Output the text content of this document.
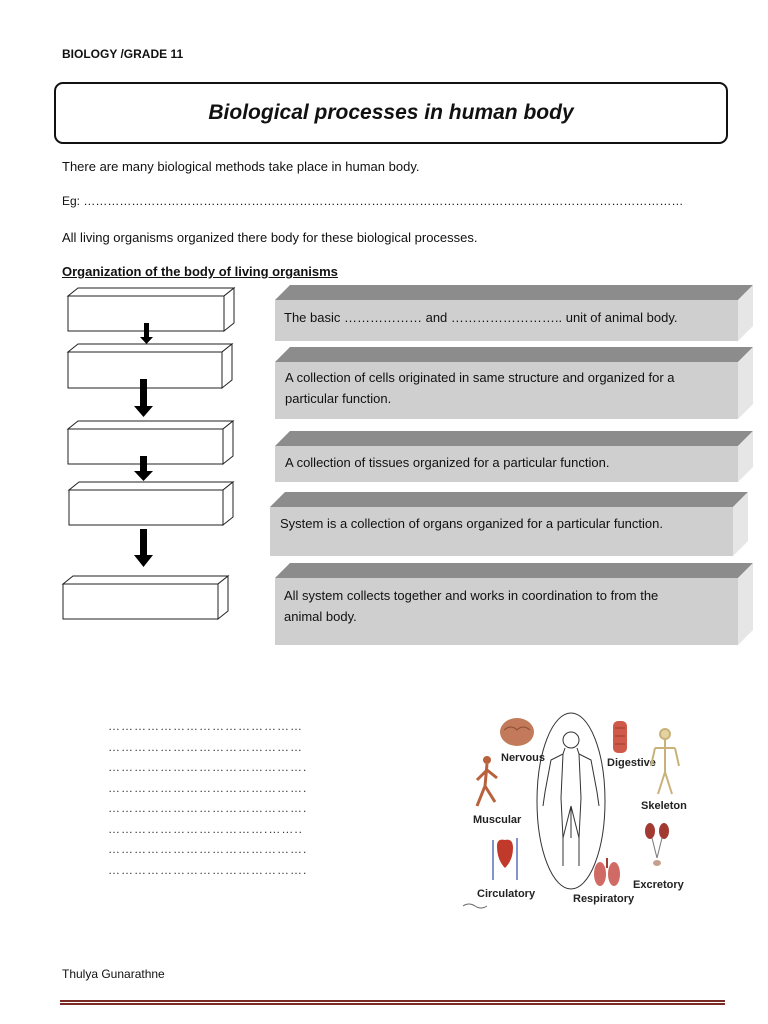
BIOLOGY /GRADE 11
Biological processes in human body
There are many biological methods take place in human body.
Eg: ……………………………………………………………………………………………………………………………………
All living organisms organized there body for these biological processes.
Organization of the body of living organisms
The basic ……………… and …………………….. unit of animal body.
A collection of cells originated in same structure and organized for a
particular function.
A collection of tissues organized for a particular function.
System is a collection of organs organized for a particular function.
All system collects together and works in coordination to from the
animal body.
………………………………………
………………………………………
……………………………………….
……………………………………….
……………………………………….
……………………………….……..
……………………………………….
……………………………………….
Nervous	Digestive
Skeleton
Muscular
Excretory
Circulatory	Respiratory
Thulya Gunarathne
